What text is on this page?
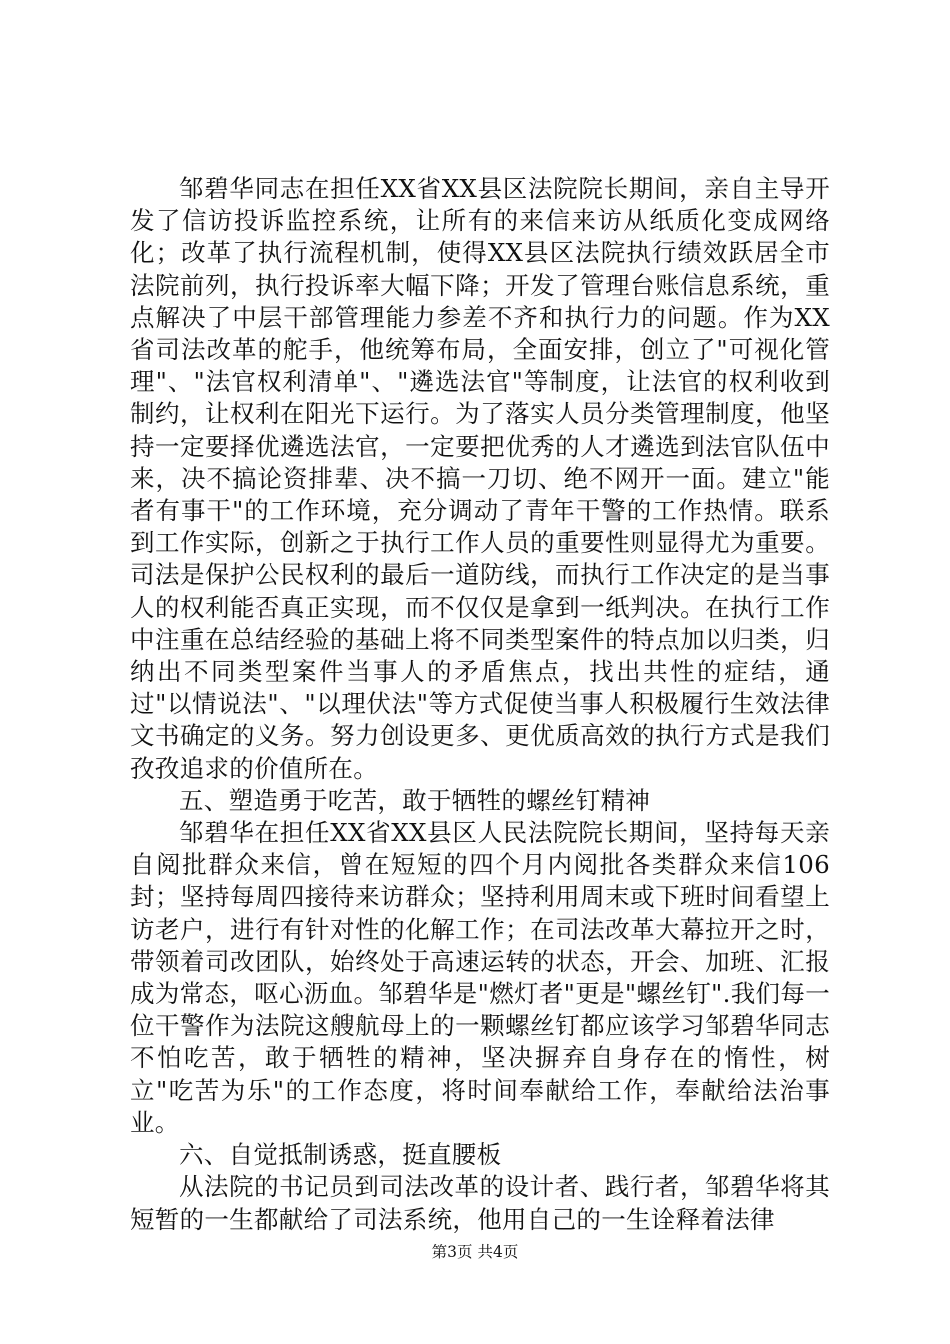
邹碧华同志在担任XX省XX县区法院院长期间，亲自主导开发了信访投诉监控系统，让所有的来信来访从纸质化变成网络化；改革了执行流程机制，使得XX县区法院执行绩效跃居全市法院前列，执行投诉率大幅下降；开发了管理台账信息系统，重点解决了中层干部管理能力参差不齐和执行力的问题。作为XX省司法改革的舵手，他统筹布局，全面安排，创立了"可视化管理"、"法官权利清单"、"遴选法官"等制度，让法官的权利收到制约，让权利在阳光下运行。为了落实人员分类管理制度，他坚持一定要择优遴选法官，一定要把优秀的人才遴选到法官队伍中来，决不搞论资排辈、决不搞一刀切、绝不网开一面。建立"能者有事干"的工作环境，充分调动了青年干警的工作热情。联系到工作实际，创新之于执行工作人员的重要性则显得尤为重要。司法是保护公民权利的最后一道防线，而执行工作决定的是当事人的权利能否真正实现，而不仅仅是拿到一纸判决。在执行工作中注重在总结经验的基础上将不同类型案件的特点加以归类，归纳出不同类型案件当事人的矛盾焦点，找出共性的症结，通过"以情说法"、"以理伏法"等方式促使当事人积极履行生效法律文书确定的义务。努力创设更多、更优质高效的执行方式是我们孜孜追求的价值所在。

五、塑造勇于吃苦，敢于牺牲的螺丝钉精神

邹碧华在担任XX省XX县区人民法院院长期间，坚持每天亲自阅批群众来信，曾在短短的四个月内阅批各类群众来信106封；坚持每周四接待来访群众；坚持利用周末或下班时间看望上访老户，进行有针对性的化解工作；在司法改革大幕拉开之时，带领着司改团队，始终处于高速运转的状态，开会、加班、汇报成为常态，呕心沥血。邹碧华是"燃灯者"更是"螺丝钉".我们每一位干警作为法院这艘航母上的一颗螺丝钉都应该学习邹碧华同志不怕吃苦，敢于牺牲的精神，坚决摒弃自身存在的惰性，树立"吃苦为乐"的工作态度，将时间奉献给工作，奉献给法治事业。

六、自觉抵制诱惑，挺直腰板

从法院的书记员到司法改革的设计者、践行者，邹碧华将其短暂的一生都献给了司法系统，他用自己的一生诠释着法律

第3页 共4页
